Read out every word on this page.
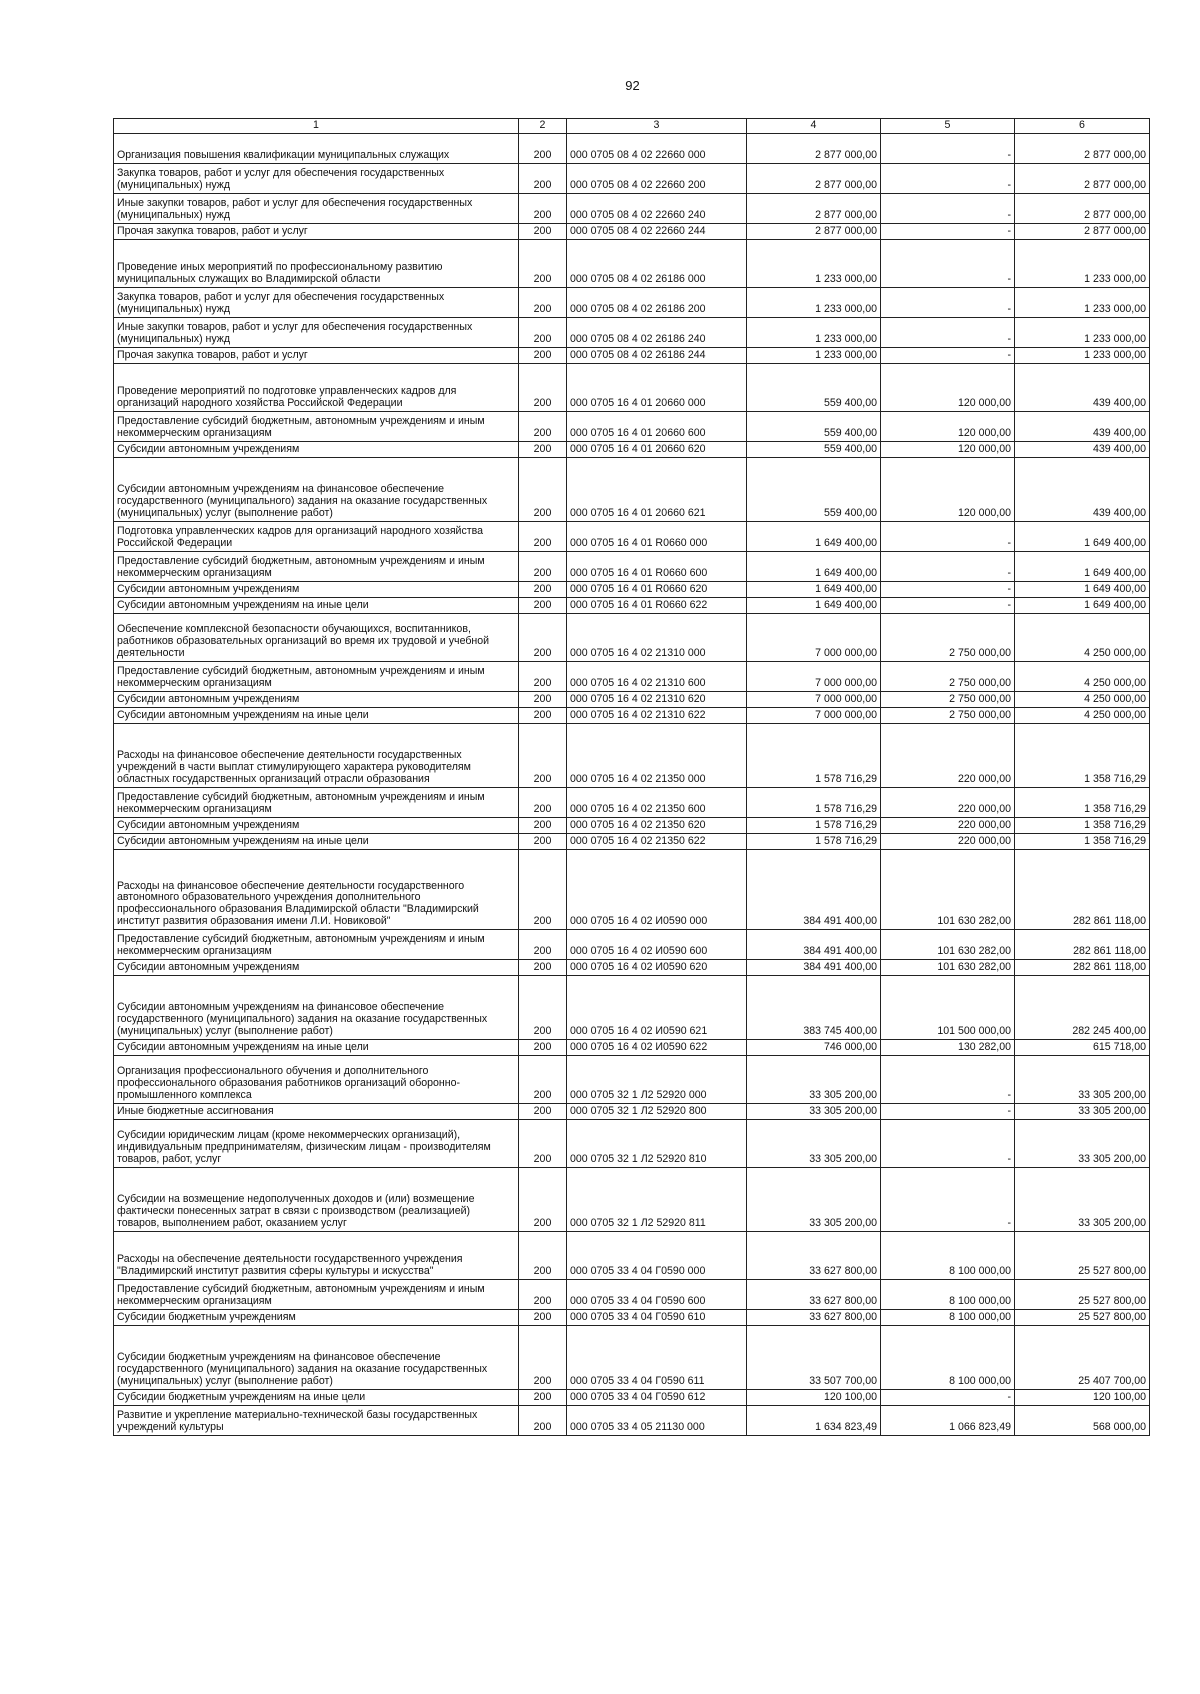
92
1	2	3	4	5	6
Организация повышения квалификации муниципальных служащих	200	000 0705 08 4 02 22660 000	2 877 000,00	-	2 877 000,00
Закупка товаров, работ и услуг для обеспечения государственных (муниципальных) нужд	200	000 0705 08 4 02 22660 200	2 877 000,00	-	2 877 000,00
Иные закупки товаров, работ и услуг для обеспечения государственных (муниципальных) нужд	200	000 0705 08 4 02 22660 240	2 877 000,00	-	2 877 000,00
Прочая закупка товаров, работ и услуг	200	000 0705 08 4 02 22660 244	2 877 000,00	-	2 877 000,00
Проведение иных мероприятий по профессиональному развитию муниципальных служащих во Владимирской области	200	000 0705 08 4 02 26186 000	1 233 000,00	-	1 233 000,00
Закупка товаров, работ и услуг для обеспечения государственных (муниципальных) нужд	200	000 0705 08 4 02 26186 200	1 233 000,00	-	1 233 000,00
Иные закупки товаров, работ и услуг для обеспечения государственных (муниципальных) нужд	200	000 0705 08 4 02 26186 240	1 233 000,00	-	1 233 000,00
Прочая закупка товаров, работ и услуг	200	000 0705 08 4 02 26186 244	1 233 000,00	-	1 233 000,00
Проведение мероприятий по подготовке управленческих кадров для организаций народного хозяйства Российской Федерации	200	000 0705 16 4 01 20660 000	559 400,00	120 000,00	439 400,00
Предоставление субсидий бюджетным, автономным учреждениям и иным некоммерческим организациям	200	000 0705 16 4 01 20660 600	559 400,00	120 000,00	439 400,00
Субсидии автономным учреждениям	200	000 0705 16 4 01 20660 620	559 400,00	120 000,00	439 400,00
Субсидии автономным учреждениям на финансовое обеспечение государственного (муниципального) задания на оказание государственных (муниципальных) услуг (выполнение работ)	200	000 0705 16 4 01 20660 621	559 400,00	120 000,00	439 400,00
Подготовка управленческих кадров для организаций народного хозяйства Российской Федерации	200	000 0705 16 4 01 R0660 000	1 649 400,00	-	1 649 400,00
Предоставление субсидий бюджетным, автономным учреждениям и иным некоммерческим организациям	200	000 0705 16 4 01 R0660 600	1 649 400,00	-	1 649 400,00
Субсидии автономным учреждениям	200	000 0705 16 4 01 R0660 620	1 649 400,00	-	1 649 400,00
Субсидии автономным учреждениям на иные цели	200	000 0705 16 4 01 R0660 622	1 649 400,00	-	1 649 400,00
Обеспечение комплексной безопасности обучающихся, воспитанников, работников образовательных организаций во время их трудовой и учебной деятельности	200	000 0705 16 4 02 21310 000	7 000 000,00	2 750 000,00	4 250 000,00
Предоставление субсидий бюджетным, автономным учреждениям и иным некоммерческим организациям	200	000 0705 16 4 02 21310 600	7 000 000,00	2 750 000,00	4 250 000,00
Субсидии автономным учреждениям	200	000 0705 16 4 02 21310 620	7 000 000,00	2 750 000,00	4 250 000,00
Субсидии автономным учреждениям на иные цели	200	000 0705 16 4 02 21310 622	7 000 000,00	2 750 000,00	4 250 000,00
Расходы на финансовое обеспечение деятельности государственных учреждений в части выплат стимулирующего характера руководителям областных государственных организаций отрасли образования	200	000 0705 16 4 02 21350 000	1 578 716,29	220 000,00	1 358 716,29
Предоставление субсидий бюджетным, автономным учреждениям и иным некоммерческим организациям	200	000 0705 16 4 02 21350 600	1 578 716,29	220 000,00	1 358 716,29
Субсидии автономным учреждениям	200	000 0705 16 4 02 21350 620	1 578 716,29	220 000,00	1 358 716,29
Субсидии автономным учреждениям на иные цели	200	000 0705 16 4 02 21350 622	1 578 716,29	220 000,00	1 358 716,29
Расходы на финансовое обеспечение деятельности государственного автономного образовательного учреждения дополнительного профессионального образования Владимирской области "Владимирский институт развития образования имени Л.И. Новиковой"	200	000 0705 16 4 02 И0590 000	384 491 400,00	101 630 282,00	282 861 118,00
Предоставление субсидий бюджетным, автономным учреждениям и иным некоммерческим организациям	200	000 0705 16 4 02 И0590 600	384 491 400,00	101 630 282,00	282 861 118,00
Субсидии автономным учреждениям	200	000 0705 16 4 02 И0590 620	384 491 400,00	101 630 282,00	282 861 118,00
Субсидии автономным учреждениям на финансовое обеспечение государственного (муниципального) задания на оказание государственных (муниципальных) услуг (выполнение работ)	200	000 0705 16 4 02 И0590 621	383 745 400,00	101 500 000,00	282 245 400,00
Субсидии автономным учреждениям на иные цели	200	000 0705 16 4 02 И0590 622	746 000,00	130 282,00	615 718,00
Организация профессионального обучения и дополнительного профессионального образования работников организаций оборонно-промышленного комплекса	200	000 0705 32 1 Л2 52920 000	33 305 200,00	-	33 305 200,00
Иные бюджетные ассигнования	200	000 0705 32 1 Л2 52920 800	33 305 200,00	-	33 305 200,00
Субсидии юридическим лицам (кроме некоммерческих организаций), индивидуальным предпринимателям, физическим лицам - производителям товаров, работ, услуг	200	000 0705 32 1 Л2 52920 810	33 305 200,00	-	33 305 200,00
Субсидии на возмещение недополученных доходов и (или) возмещение фактически понесенных затрат в связи с производством (реализацией) товаров, выполнением работ, оказанием услуг	200	000 0705 32 1 Л2 52920 811	33 305 200,00	-	33 305 200,00
Расходы на обеспечение деятельности государственного учреждения "Владимирский институт развития сферы культуры и искусства"	200	000 0705 33 4 04 Г0590 000	33 627 800,00	8 100 000,00	25 527 800,00
Предоставление субсидий бюджетным, автономным учреждениям и иным некоммерческим организациям	200	000 0705 33 4 04 Г0590 600	33 627 800,00	8 100 000,00	25 527 800,00
Субсидии бюджетным учреждениям	200	000 0705 33 4 04 Г0590 610	33 627 800,00	8 100 000,00	25 527 800,00
Субсидии бюджетным учреждениям на финансовое обеспечение государственного (муниципального) задания на оказание государственных (муниципальных) услуг (выполнение работ)	200	000 0705 33 4 04 Г0590 611	33 507 700,00	8 100 000,00	25 407 700,00
Субсидии бюджетным учреждениям на иные цели	200	000 0705 33 4 04 Г0590 612	120 100,00	-	120 100,00
Развитие и укрепление материально-технической базы государственных учреждений культуры	200	000 0705 33 4 05 21130 000	1 634 823,49	1 066 823,49	568 000,00
